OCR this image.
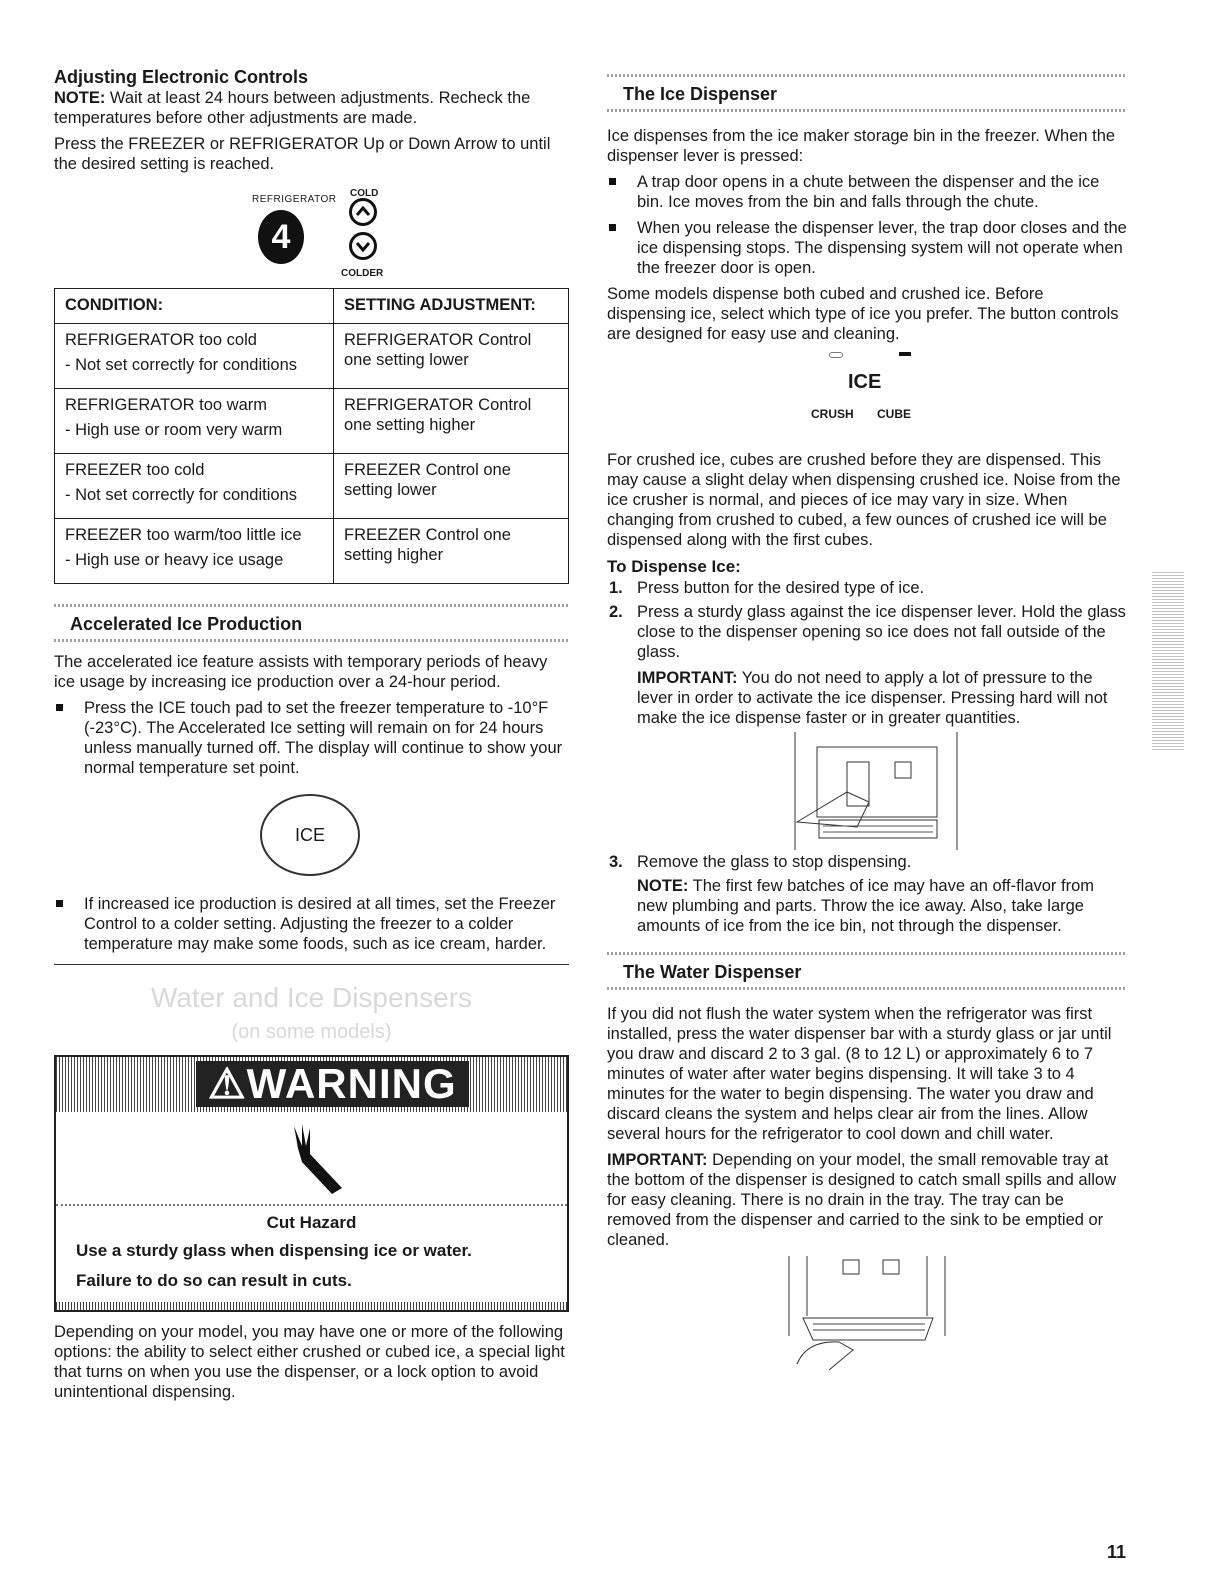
Adjusting Electronic Controls

NOTE: Wait at least 24 hours between adjustments. Recheck the temperatures before other adjustments are made.

Press the FREEZER or REFRIGERATOR Up or Down Arrow to until the desired setting is reached.

REFRIGERATOR
COLD
4
COLDER
CONDITION:	SETTING ADJUSTMENT:

REFRIGERATOR too cold
- Not set correctly for conditions	REFRIGERATOR Control one setting lower

REFRIGERATOR too warm
- High use or room very warm	REFRIGERATOR Control one setting higher

FREEZER too cold
- Not set correctly for conditions	FREEZER Control one setting lower

FREEZER too warm/too little ice
- High use or heavy ice usage	FREEZER Control one setting higher
Accelerated Ice Production

The accelerated ice feature assists with temporary periods of heavy ice usage by increasing ice production over a 24-hour period.

Press the ICE touch pad to set the freezer temperature to -10°F (-23°C). The Accelerated Ice setting will remain on for 24 hours unless manually turned off. The display will continue to show your normal temperature set point.
ICE
If increased ice production is desired at all times, set the Freezer Control to a colder setting. Adjusting the freezer to a colder temperature may make some foods, such as ice cream, harder.
Water and Ice Dispensers
(on some models)
⚠WARNING
Cut Hazard
Use a sturdy glass when dispensing ice or water.
Failure to do so can result in cuts.

Depending on your model, you may have one or more of the following options: the ability to select either crushed or cubed ice, a special light that turns on when you use the dispenser, or a lock option to avoid unintentional dispensing.

The Ice Dispenser

Ice dispenses from the ice maker storage bin in the freezer. When the dispenser lever is pressed:

A trap door opens in a chute between the dispenser and the ice bin. Ice moves from the bin and falls through the chute.
When you release the dispenser lever, the trap door closes and the ice dispensing stops. The dispensing system will not operate when the freezer door is open.

Some models dispense both cubed and crushed ice. Before dispensing ice, select which type of ice you prefer. The button controls are designed for easy use and cleaning.

ICE
CRUSH CUBE

For crushed ice, cubes are crushed before they are dispensed. This may cause a slight delay when dispensing crushed ice. Noise from the ice crusher is normal, and pieces of ice may vary in size. When changing from crushed to cubed, a few ounces of crushed ice will be dispensed along with the first cubes.

To Dispense Ice:
1. Press button for the desired type of ice.
2. Press a sturdy glass against the ice dispenser lever. Hold the glass close to the dispenser opening so ice does not fall outside of the glass.
IMPORTANT: You do not need to apply a lot of pressure to the lever in order to activate the ice dispenser. Pressing hard will not make the ice dispense faster or in greater quantities.
3. Remove the glass to stop dispensing.
NOTE: The first few batches of ice may have an off-flavor from new plumbing and parts. Throw the ice away. Also, take large amounts of ice from the ice bin, not through the dispenser.
The Water Dispenser

If you did not flush the water system when the refrigerator was first installed, press the water dispenser bar with a sturdy glass or jar until you draw and discard 2 to 3 gal. (8 to 12 L) or approximately 6 to 7 minutes of water after water begins dispensing. It will take 3 to 4 minutes for the water to begin dispensing. The water you draw and discard cleans the system and helps clear air from the lines. Allow several hours for the refrigerator to cool down and chill water.

IMPORTANT: Depending on your model, the small removable tray at the bottom of the dispenser is designed to catch small spills and allow for easy cleaning. There is no drain in the tray. The tray can be removed from the dispenser and carried to the sink to be emptied or cleaned.

11
